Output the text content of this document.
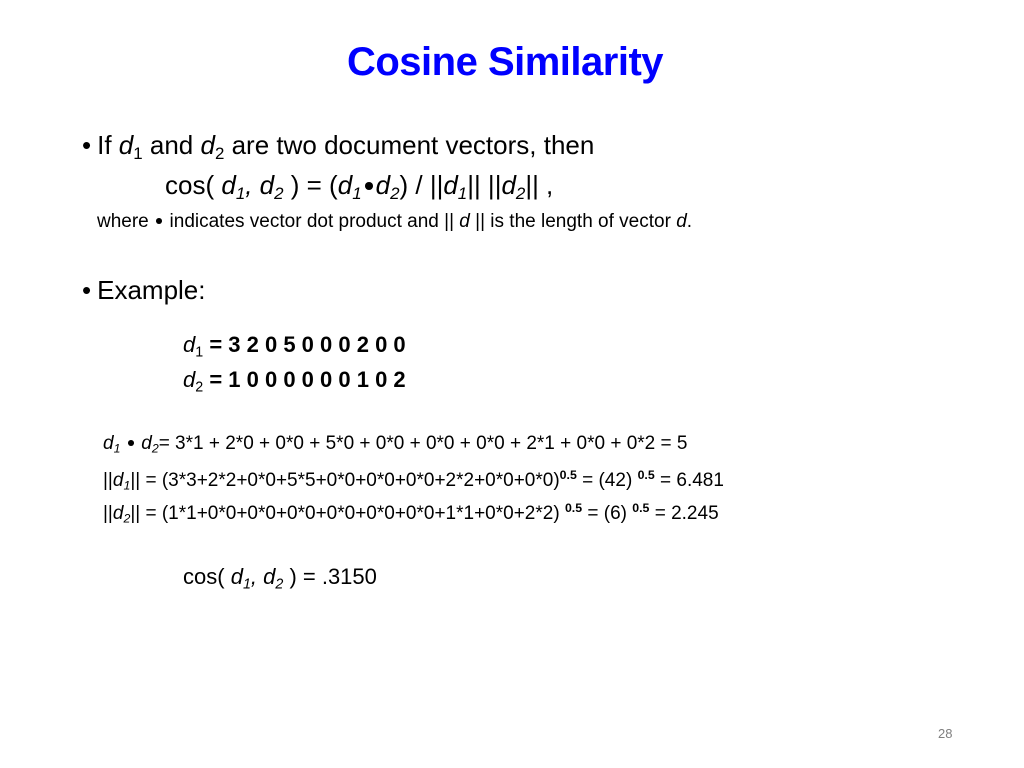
Cosine Similarity
• If $d_1$ and $d_2$ are two document vectors, then
cos( $d_1$, $d_2$ ) = ($d_1$ $d_2) / ||d_1||$ $||d_2||$ ,
where  indicates vector dot product and || d || is the length of vector d.
• Example:
$d_1 = 3$ 2 0 5 0 0 0 2 0 0
$d_2 = 1$ 0 0 0 0 0 0 1 0 2
$d_1$ $d_2= 3*1 + 2*0 + 0*0 + 5*0 + 0*0 + 0*0 + 0*0 + 2*1 + 0*0 + 0*2 = 5$
$||d_1|| = (3*3+2*2+0*0+5*5+0*0+0*0+0*0+2*2+0*0+0*0)^{0.5} = (42) ^{0.5} = 6.481$
$||d_2|| = (1*1+0*0+0*0+0*0+0*0+0*0+0*0+1*1+0*0+2*2) ^{0.5} = (6) ^{0.5} = 2.245$
cos( $d_1$, $d_2$ ) = .3150
28
